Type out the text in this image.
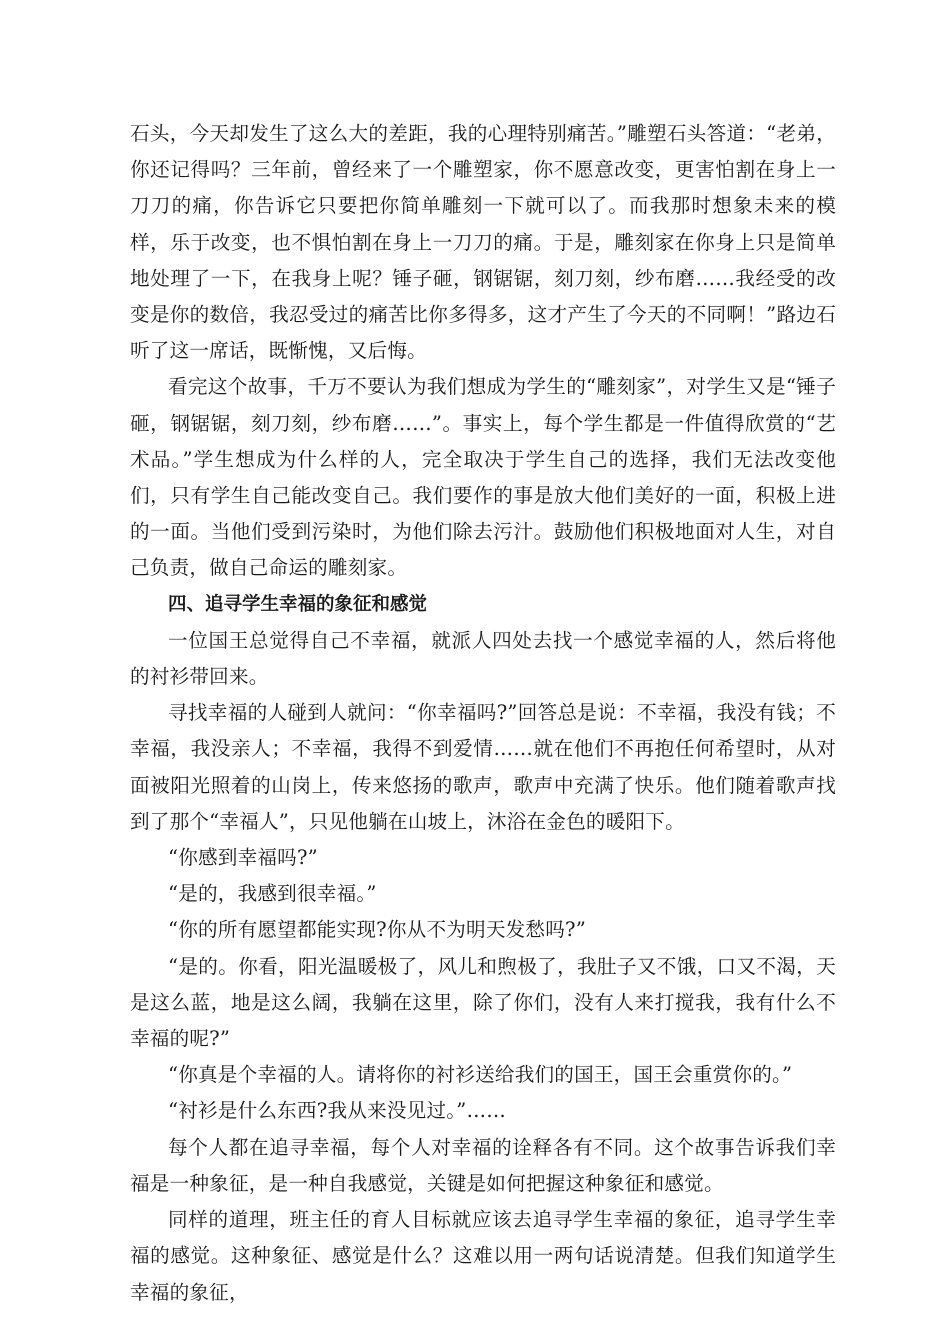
石头，今天却发生了这么大的差距，我的心理特别痛苦。”雕塑石头答道：“老弟，你还记得吗？三年前，曾经来了一个雕塑家，你不愿意改变，更害怕割在身上一刀刀的痛，你告诉它只要把你简单雕刻一下就可以了。而我那时想象未来的模样，乐于改变，也不惧怕割在身上一刀刀的痛。于是，雕刻家在你身上只是简单地处理了一下，在我身上呢？锤子砸，钢锯锯，刻刀刻，纱布磨……我经受的改变是你的数倍，我忍受过的痛苦比你多得多，这才产生了今天的不同啊！”路边石听了这一席话，既惭愧，又后悔。

看完这个故事，千万不要认为我们想成为学生的“雕刻家”，对学生又是“锤子砸，钢锯锯，刻刀刻，纱布磨……”。事实上，每个学生都是一件值得欣赏的“艺术品。”学生想成为什么样的人，完全取决于学生自己的选择，我们无法改变他们，只有学生自己能改变自己。我们要作的事是放大他们美好的一面，积极上进的一面。当他们受到污染时，为他们除去污汁。鼓励他们积极地面对人生，对自己负责，做自己命运的雕刻家。

四、追寻学生幸福的象征和感觉

一位国王总觉得自己不幸福，就派人四处去找一个感觉幸福的人，然后将他的衬衫带回来。

寻找幸福的人碰到人就问：“你幸福吗?”回答总是说：不幸福，我没有钱；不幸福，我没亲人；不幸福，我得不到爱情……就在他们不再抱任何希望时，从对面被阳光照着的山岗上，传来悠扬的歌声，歌声中充满了快乐。他们随着歌声找到了那个“幸福人”，只见他躺在山坡上，沐浴在金色的暖阳下。

“你感到幸福吗?”

“是的，我感到很幸福。”

“你的所有愿望都能实现?你从不为明天发愁吗?”

“是的。你看，阳光温暖极了，风儿和煦极了，我肚子又不饿，口又不渴，天是这么蓝，地是这么阔，我躺在这里，除了你们，没有人来打搅我，我有什么不幸福的呢?”

“你真是个幸福的人。请将你的衬衫送给我们的国王，国王会重赏你的。”

“衬衫是什么东西?我从来没见过。”……

每个人都在追寻幸福，每个人对幸福的诠释各有不同。这个故事告诉我们幸福是一种象征，是一种自我感觉，关键是如何把握这种象征和感觉。

同样的道理，班主任的育人目标就应该去追寻学生幸福的象征，追寻学生幸福的感觉。这种象征、感觉是什么？这难以用一两句话说清楚。但我们知道学生幸福的象征，
